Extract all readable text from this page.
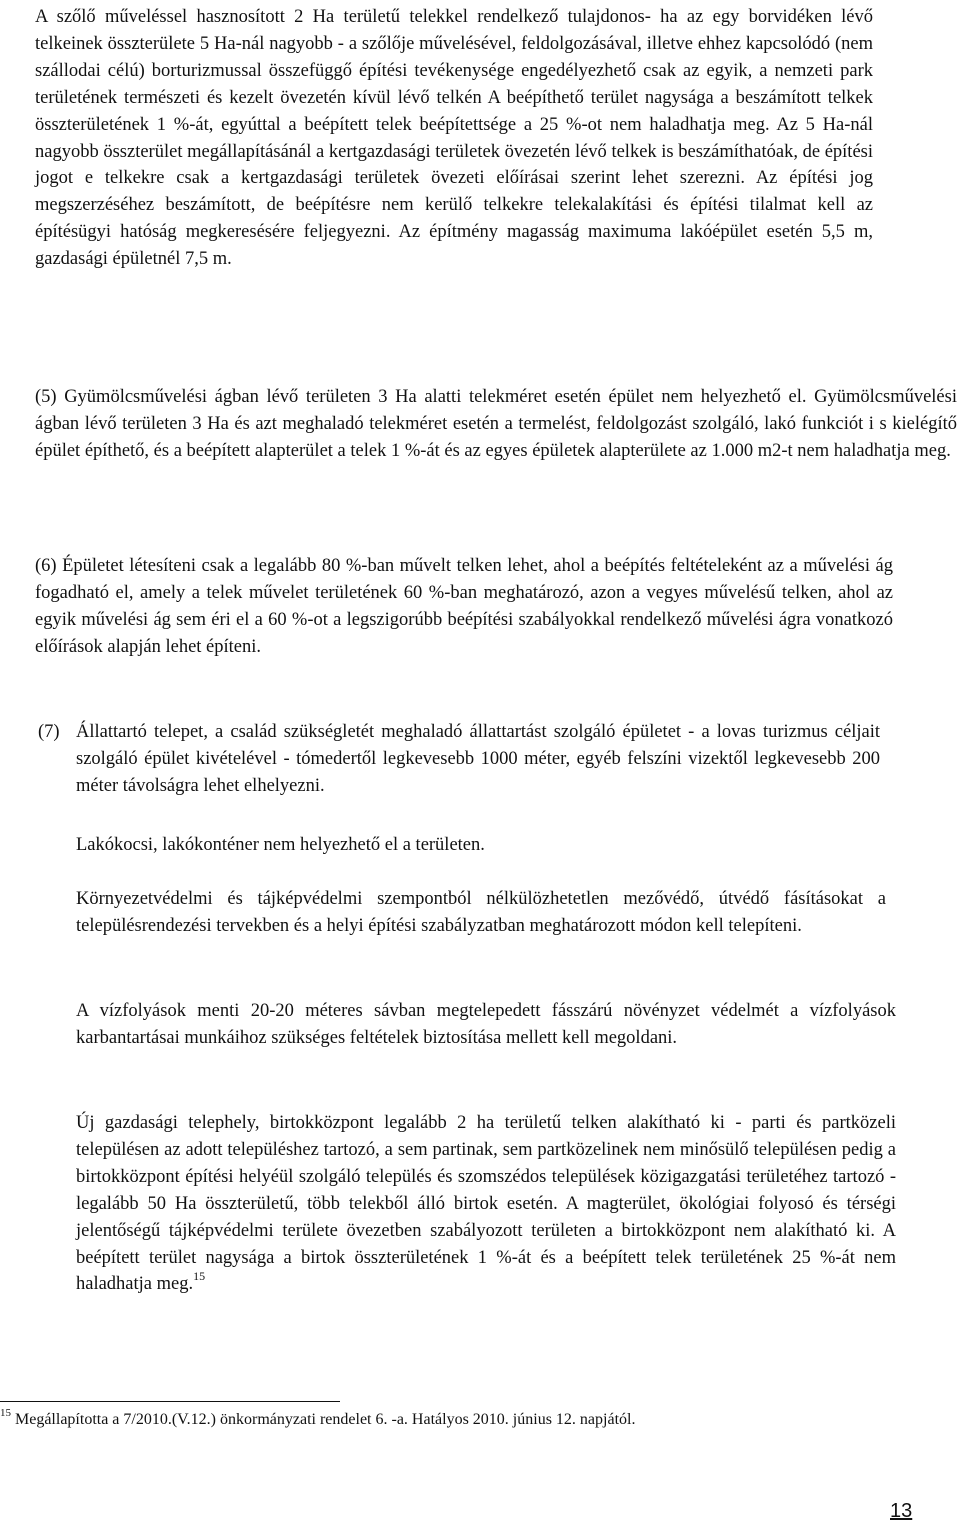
A szőlő műveléssel hasznosított 2 Ha területű telekkel rendelkező tulajdonos- ha az egy borvidéken lévő telkeinek összterülete 5 Ha-nál nagyobb - a szőlője művelésével, feldolgozásával, illetve ehhez kapcsolódó (nem szállodai célú) borturizmussal összefüggő építési tevékenysége engedélyezhető csak az egyik, a nemzeti park területének természeti és kezelt övezetén kívül lévő telkén A beépíthető terület nagysága a beszámított telkek összterületének 1 %-át, egyúttal a beépített telek beépítettsége a 25 %-ot nem haladhatja meg. Az 5 Ha-nál nagyobb összterület megállapításánál a kertgazdasági területek övezetén lévő telkek is beszámíthatóak, de építési jogot e telkekre csak a kertgazdasági területek övezeti előírásai szerint lehet szerezni. Az építési jog megszerzéséhez beszámított, de beépítésre nem kerülő telkekre telekalakítási és építési tilalmat kell az építésügyi hatóság megkeresésére feljegyezni. Az építmény magasság maximuma lakóépület esetén 5,5 m, gazdasági épületnél 7,5 m.

(5) Gyümölcsművelési ágban lévő területen 3 Ha alatti telekméret esetén épület nem helyezhető el. Gyümölcsművelési ágban lévő területen 3 Ha és azt meghaladó telekméret esetén a termelést, feldolgozást szolgáló, lakó funkciót i s kielégítő épület építhető, és a beépített alapterület a telek 1 %-át és az egyes épületek alapterülete az 1.000 m2-t nem haladhatja meg.

(6) Épületet létesíteni csak a legalább 80 %-ban művelt telken lehet, ahol a beépítés feltételeként az a művelési ág fogadható el, amely a telek művelet területének 60 %-ban meghatározó, azon a vegyes művelésű telken, ahol az egyik művelési ág sem éri el a 60 %-ot a legszigorúbb beépítési szabályokkal rendelkező művelési ágra vonatkozó előírások alapján lehet építeni.

(7) Állattartó telepet, a család szükségletét meghaladó állattartást szolgáló épületet - a lovas turizmus céljait szolgáló épület kivételével - tómedertől legkevesebb 1000 méter, egyéb felszíni vizektől legkevesebb 200 méter távolságra lehet elhelyezni.

Lakókocsi, lakókonténer nem helyezhető el a területen.

Környezetvédelmi és tájképvédelmi szempontból nélkülözhetetlen mezővédő, útvédő fásításokat a településrendezési tervekben és a helyi építési szabályzatban meghatározott módon kell telepíteni.

A vízfolyások menti 20-20 méteres sávban megtelepedett fásszárú növényzet védelmét a vízfolyások karbantartásai munkáihoz szükséges feltételek biztosítása mellett kell megoldani.

Új gazdasági telephely, birtokközpont legalább 2 ha területű telken alakítható ki - parti és partközeli településen az adott településhez tartozó, a sem partinak, sem partközelinek nem minősülő településen pedig a birtokközpont építési helyéül szolgáló település és szomszédos települések közigazgatási területéhez tartozó - legalább 50 Ha összterületű, több telekből álló birtok esetén. A magterület, ökológiai folyosó és térségi jelentőségű tájképvédelmi területe övezetben szabályozott területen a birtokközpont nem alakítható ki. A beépített terület nagysága a birtok összterületének 1 %-át és a beépített telek területének 25 %-át nem haladhatja meg.$^{15}$

$^{15}$ Megállapította a 7/2010.(V.12.) önkormányzati rendelet 6. -a. Hatályos 2010. június 12. napjától.
13
